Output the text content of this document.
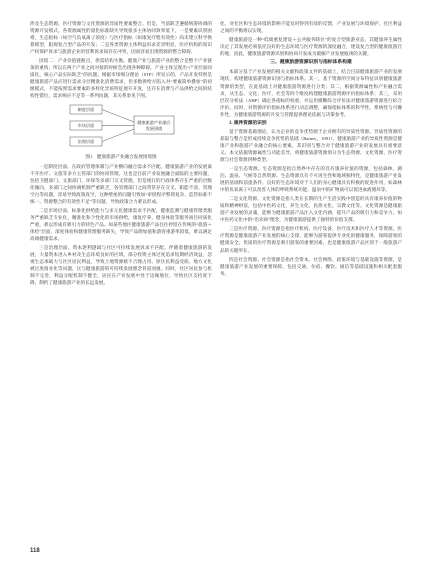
涉及生态资源、医疗资源与文化资源的异质性要素整合。但是，当前缺乏遵循统筹协调的资源开发模式。各资源属性的量化标准缺失导致很多主体协同效率低下，一是要素识别困难，生态指标（如空气负氧离子浓度）与医疗指标（如康复疗程有效性）尚未建立科学换算模型，阻碍复合型产品的开发；二是各类资源主体利益诉求差异明显，医疗机构的知识产权保护诉求与旅游企业的营利诉求间存在冲突，因而容易出现资源的整合障碍。

因境二：产业价值链断点，供需结构失衡。健康产业与旅游产业的整合是整个产业链条的重构，所以在两个产业之间对接的时候会出现各种障碍。产业主体呈现出“产业层面同质化、核心产品实际缺乏”的问题。根据市场细分理论（STP）所显示的，产品开发特别是健康旅游产品应进行需求分层精准化消费需求，但多数供给方陷入对“要素简单叠加”的初级模式，不能按照需求要素的多样化异质特征展开开发，还存在消费与产品供给之间的结构性错位、需求响应不足等一系列问题，其关系参见下图。

制度层面
市场层面
治理层面
健康旅游产业融合
发展困境

图1　健康旅游产业融合发展困境图

一是制度层面。在政府管理体制与产业横向融合需求不匹配。健康旅游产业的发展离不开医疗、文旅等多方主管部门的协同管理，这也是目前产业发展融合面临的主要问题，包括卫健部门、文旅部门、环保等多部门交叉管理，但是现行的行政体系存在严重的层级化倾向，多部门之间协调机制严重缺乏，各管理部门之间常常存在交叉、职能不清、管理空白等问题，容易导致政策真空，这种壁垒的问题引致如“审批程序繁琐复杂、监管标准不统一、资源整合的有效性不足”等问题，导致政策合力难以形成。

二是市场层面。标准化供给能力与多元化健康需求不匹配，健康监测与健康管理类服务严重缺乏专业化、精准化和个性化的市场供给，康复疗养、健身体验等服务项目同质化严重，难以形成有吸引力的特色产品。如某些地区健康旅游产品往往停留在传统的“旅游＋体检”层面，深度体验和健康管理服务缺失，导致产品附加值和游客重游率较低，难以满足高端健康需求。

三是治理层面。资本逐利逻辑与社区可持续发展诉求不匹配。伴随着健康旅游的发展，大量资本进入乡村及生态环境良好的区域，部分投资主体过度追求短期经济效益，忽视生态承载力与社区居民利益，导致土地资源被不合理占用、原住民利益受损、地方文化被过度商业化等问题，这与健康旅游的可持续发展理念背道而驰。同时，社区居民参与机制不完善，利益分配机制不健全，居民在产业发展中处于边缘地位，导致社区支持度下降，制约了健康旅游产业的长远发展。

化，对社区和生态环境的影响不能及时得到有效的反馈，产业发展与环境保护、社区利益之间的平衡难以实现。

健康旅游是一种“低端重复建设＋公共服务缺位”的复合型旅游业态，其健康养生属性决定了其发展必须依托良好的生态环境与医疗资源的深度融合，建设复合型的健康旅游目的地，因此，健康旅游资源识别和协同开发成为破解产业发展瓶颈的关键。

三、健康旅游资源识别与指标体系构建

本部分基于产业发展的相关文献和政策文件的基础上，结合目前健康旅游产业的发展现状，构建健康旅游资源识别与指标体系。其一，基于资源的空间分布特征识别健康旅游资源的类型，在此基础上对健康旅游资源进行分类；其二，根据资源属性和产业融合需求，从生态、文化、医疗、社会等四个维度构建健康旅游资源评价指标体系；其三，采用层次分析法（AHP）确定各指标的权重，并运用模糊综合评价法对健康旅游资源进行综合评价。同时，对资源评价指标体系进行动态调整，确保指标体系的科学性、系统性与可操作性，为健康旅游资源的开发与管理提供理论依据与决策参考。

1. 康养资源的识别

基于资源基础理论，认为企业的竞争优势源于企业拥有的异质性资源。异质性资源的获取与整合是形成持续竞争优势的基础（Barney，1991）。健康旅游产业的异质性资源是健康产业和旅游产业融合的核心要素，其识别与整合对于健康旅游产业的发展具有重要意义。本文依据资源属性与功能差异，将健康旅游资源划分为生态资源、文化资源、医疗资源与社会资源四种类型。

一是生态资源。生态资源是指自然界中存在的具有康养价值的资源，包括森林、湖泊、温泉、气候等自然资源。生态资源具有不可再生性和地域独特性，是健康旅游产业发展的基础和前提条件。良好的生态环境对于人们的身心健康具有积极的促进作用，如森林中的负氧离子可以改善人体的呼吸系统功能，温泉中的矿物质可以促进血液循环等。

二是文化资源。文化资源是指人类在长期的生产生活实践中创造的具有康养价值的物质和精神财富，包括中医药文化、养生文化、民俗文化、宗教文化等。文化资源是健康旅游产业发展的灵魂，能够为健康旅游产品注入文化内涵，提升产品的吸引力和竞争力。如中医药文化中的“治未病”理念，为健康旅游提供了独特的价值支撑。

三是医疗资源。医疗资源是指医疗机构、医疗设备、医疗技术和医疗人才等资源。医疗资源是健康旅游产业发展的核心支撑，能够为游客提供专业化的健康服务，保障游客的健康安全。优质的医疗资源是吸引游客的重要因素，也是健康旅游产品区别于一般旅游产品的关键所在。

四是社会资源。社会资源是指社会资本、社会网络、政策环境与基础设施等资源，是健康旅游产业发展的重要保障，包括交通、住宿、餐饮、通信等基础设施和相关配套服务。

118
